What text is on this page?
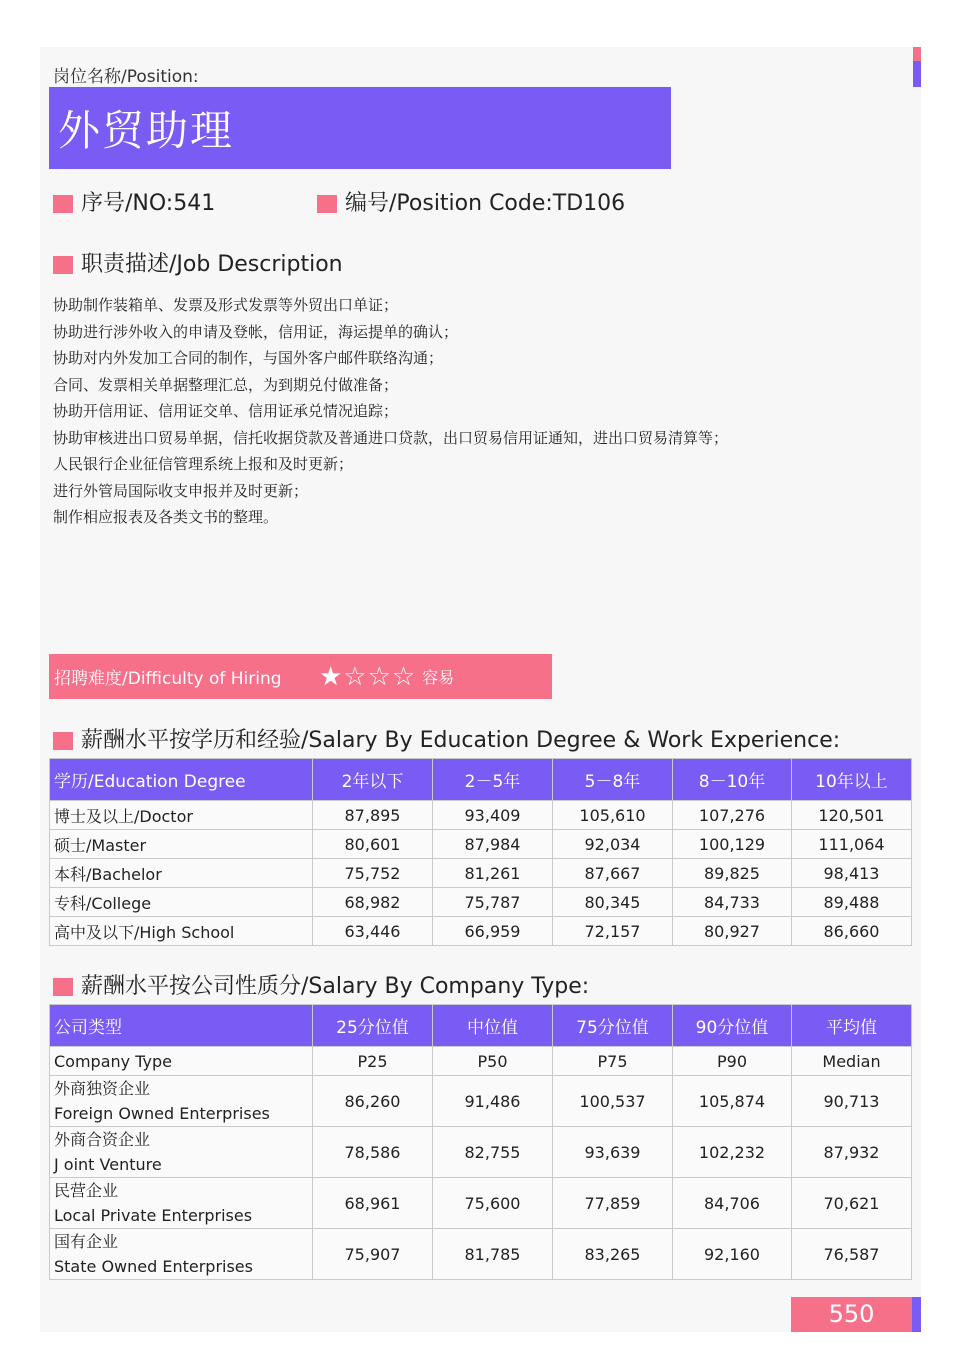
岗位名称/Position:
外贸助理
序号/NO:541	编号/Position Code:TD106
职责描述/Job Description
协助制作装箱单、发票及形式发票等外贸出口单证；
协助进行涉外收入的申请及登帐，信用证，海运提单的确认；
协助对内外发加工合同的制作，与国外客户邮件联络沟通；
合同、发票相关单据整理汇总，为到期兑付做准备；
协助开信用证、信用证交单、信用证承兑情况追踪；
协助审核进出口贸易单据，信托收据贷款及普通进口贷款，出口贸易信用证通知，进出口贸易清算等；
人民银行企业征信管理系统上报和及时更新；
进行外管局国际收支申报并及时更新；
制作相应报表及各类文书的整理。
招聘难度/Difficulty of Hiring	★☆☆☆ 容易
薪酬水平按学历和经验/Salary By Education Degree & Work Experience:
学历/Education Degree	2年以下	2－5年	5－8年	8－10年	10年以上
博士及以上/Doctor	87,895	93,409	105,610	107,276	120,501
硕士/Master	80,601	87,984	92,034	100,129	111,064
本科/Bachelor	75,752	81,261	87,667	89,825	98,413
专科/College	68,982	75,787	80,345	84,733	89,488
高中及以下/High School	63,446	66,959	72,157	80,927	86,660
薪酬水平按公司性质分/Salary By Company Type:
公司类型	25分位值	中位值	75分位值	90分位值	平均值
Company Type	P25	P50	P75	P90	Median

外商独资企业
Foreign Owned Enterprises	86,260	91,486	100,537	105,874	90,713

外商合资企业
J oint Venture	78,586	82,755	93,639	102,232	87,932

民营企业
Local Private Enterprises	68,961	75,600	77,859	84,706	70,621

国有企业
State Owned Enterprises	75,907	81,785	83,265	92,160	76,587
550
